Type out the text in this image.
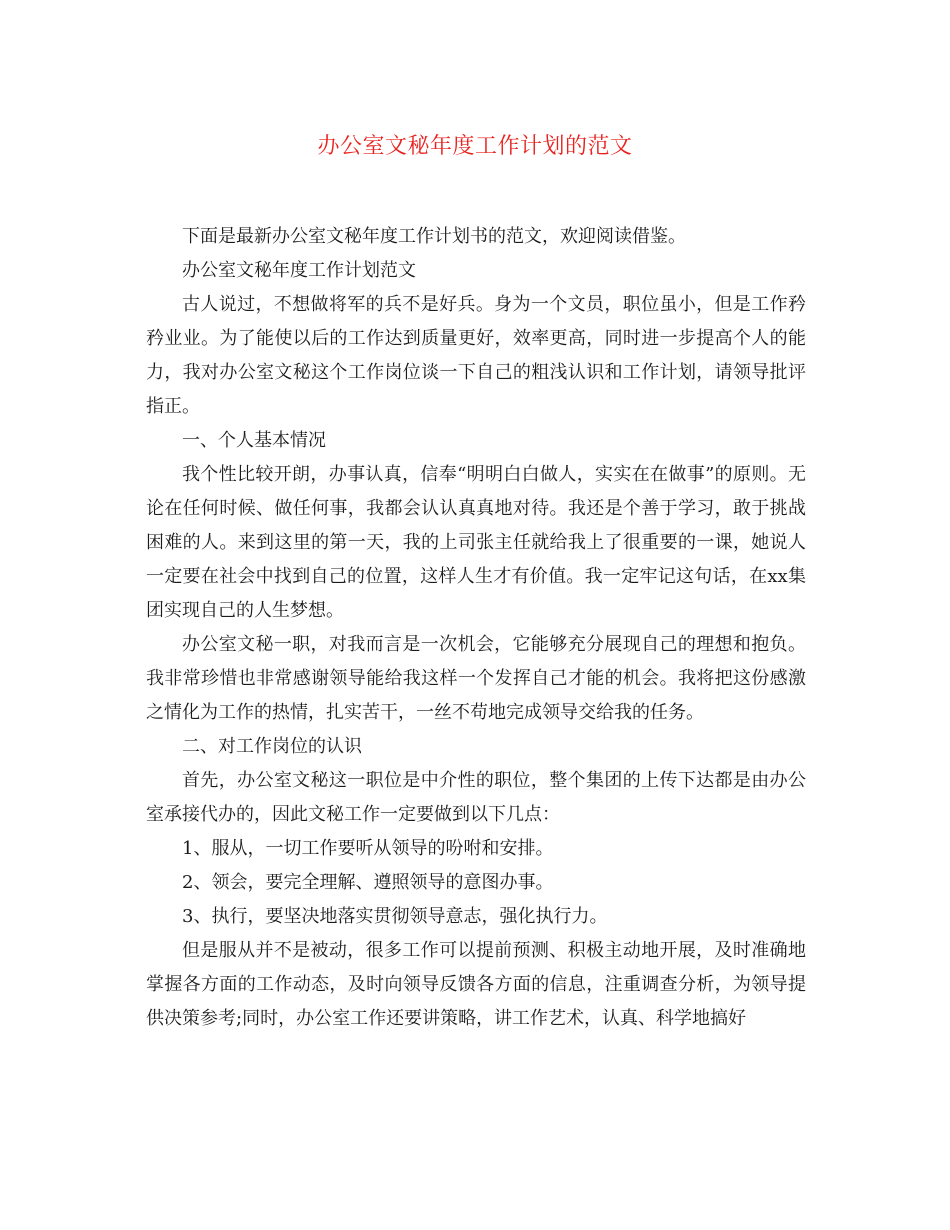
办公室文秘年度工作计划的范文

下面是最新办公室文秘年度工作计划书的范文，欢迎阅读借鉴。

办公室文秘年度工作计划范文

古人说过，不想做将军的兵不是好兵。身为一个文员，职位虽小，但是工作矜矜业业。为了能使以后的工作达到质量更好，效率更高，同时进一步提高个人的能力，我对办公室文秘这个工作岗位谈一下自己的粗浅认识和工作计划，请领导批评指正。

一、个人基本情况

我个性比较开朗，办事认真，信奉“明明白白做人，实实在在做事”的原则。无论在任何时候、做任何事，我都会认认真真地对待。我还是个善于学习，敢于挑战困难的人。来到这里的第一天，我的上司张主任就给我上了很重要的一课，她说人一定要在社会中找到自己的位置，这样人生才有价值。我一定牢记这句话，在xx集团实现自己的人生梦想。

办公室文秘一职，对我而言是一次机会，它能够充分展现自己的理想和抱负。我非常珍惜也非常感谢领导能给我这样一个发挥自己才能的机会。我将把这份感激之情化为工作的热情，扎实苦干，一丝不苟地完成领导交给我的任务。

二、对工作岗位的认识

首先，办公室文秘这一职位是中介性的职位，整个集团的上传下达都是由办公室承接代办的，因此文秘工作一定要做到以下几点：

1、服从，一切工作要听从领导的吩咐和安排。

2、领会，要完全理解、遵照领导的意图办事。

3、执行，要坚决地落实贯彻领导意志，强化执行力。

但是服从并不是被动，很多工作可以提前预测、积极主动地开展，及时准确地掌握各方面的工作动态，及时向领导反馈各方面的信息，注重调查分析，为领导提供决策参考;同时，办公室工作还要讲策略，讲工作艺术，认真、科学地搞好
